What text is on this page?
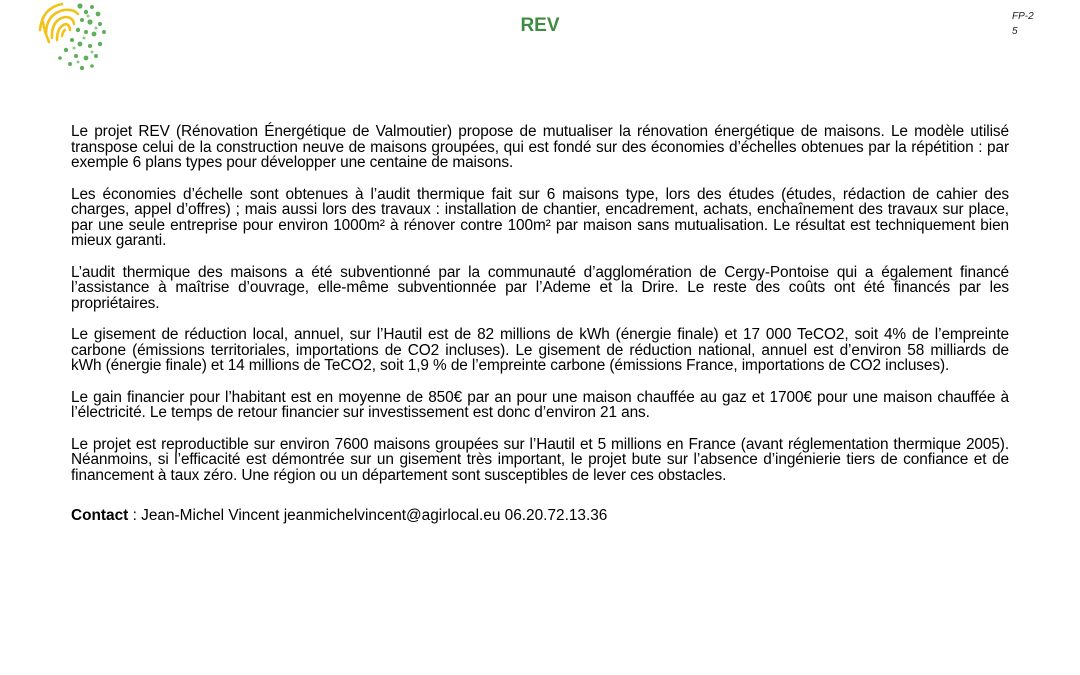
REV	FP-2
5

Le projet REV (Rénovation Énergétique de Valmoutier) propose de mutualiser la rénovation énergétique de maisons. Le modèle utilisé transpose celui de la construction neuve de maisons groupées, qui est fondé sur des économies d’échelles obtenues par la répétition : par exemple 6 plans types pour développer une centaine de maisons.

Les économies d’échelle sont obtenues à l’audit thermique fait sur 6 maisons type, lors des études (études, rédaction de cahier des charges, appel d’offres) ; mais aussi lors des travaux : installation de chantier, encadrement, achats, enchaînement des travaux sur place, par une seule entreprise pour environ 1000m² à rénover contre 100m² par maison sans mutualisation. Le résultat est techniquement bien mieux garanti.

L’audit thermique des maisons a été subventionné par la communauté d’agglomération de Cergy-Pontoise qui a également financé l’assistance à maîtrise d’ouvrage, elle-même subventionnée par l’Ademe et la Drire. Le reste des coûts ont été financés par les propriétaires.

Le gisement de réduction local, annuel, sur l’Hautil est de 82 millions de kWh (énergie finale) et 17 000 TeCO2, soit 4% de l’empreinte carbone (émissions territoriales, importations de CO2 incluses). Le gisement de réduction national, annuel est d’environ 58 milliards de kWh (énergie finale) et 14 millions de TeCO2, soit 1,9 % de l’empreinte carbone (émissions France, importations de CO2 incluses).

Le gain financier pour l’habitant est en moyenne de 850€ par an pour une maison chauffée au gaz et 1700€ pour une maison chauffée à l’électricité. Le temps de retour financier sur investissement est donc d’environ 21 ans.

Le projet est reproductible sur environ 7600 maisons groupées sur l’Hautil et 5 millions en France (avant réglementation thermique 2005). Néanmoins, si l’efficacité est démontrée sur un gisement très important, le projet bute sur l’absence d’ingénierie tiers de confiance et de financement à taux zéro. Une région ou un département sont susceptibles de lever ces obstacles.

Contact : Jean-Michel Vincent jeanmichelvincent@agirlocal.eu 06.20.72.13.36
